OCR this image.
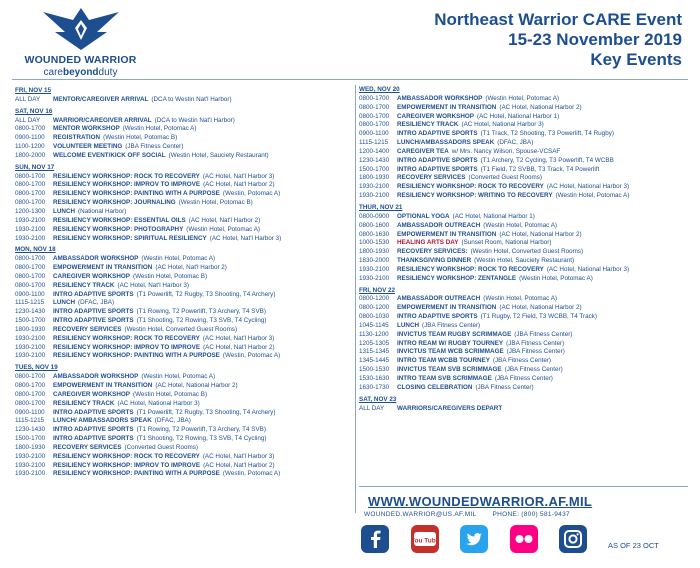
WOUNDED WARRIOR
carebeyondduty
Northeast Warrior CARE Event
15-23 November 2019
Key Events
FRI, NOV 15
ALL DAY	MENTOR/CAREGIVER ARRIVAL (DCA to Westin Nat'l Harbor)
SAT, NOV 16
ALL DAY	WARRIOR/CAREGIVER ARRIVAL (DCA to Westin Nat'l Harbor)
0800-1700	MENTOR WORKSHOP (Westin Hotel, Potomac A)
0900-1100	REGISTRATION (Westin Hotel, Potomac B)
1100-1200	VOLUNTEER MEETING (JBA Fitness Center)
1800-2000	WELCOME EVENT/KICK OFF SOCIAL (Westin Hotel, Sauciety Restaurant)
SUN, NOV 17
0800-1700	RESILIENCY WORKSHOP: ROCK TO RECOVERY (AC Hotel, Nat'l Harbor 3)
0800-1700	RESILIENCY WORKSHOP: IMPROV TO IMPROVE (AC Hotel, Nat'l Harbor 2)
0800-1700	RESILIENCY WORKSHOP: PAINTING WITH A PURPOSE (Westin, Potomac A)
0800-1700	RESILIENCY WORKSHOP: JOURNALING (Westin Hotel, Potomac B)
1200-1300	LUNCH (National Harbor)
1930-2100	RESILIENCY WORKSHOP: ESSENTIAL OILS (AC Hotel, Nat'l Harbor 2)
1930-2100	RESILIENCY WORKSHOP: PHOTOGRAPHY (Westin Hotel, Potomac A)
1930-2100	RESILIENCY WORKSHOP: SPIRITUAL RESILIENCY (AC Hotel, Nat'l Harbor 3)
MON, NOV 18
0800-1700	AMBASSADOR WORKSHOP (Westin Hotel, Potomac A)
0800-1700	EMPOWERMENT IN TRANSITION (AC Hotel, Nat'l Harbor 2)
0800-1700	CAREGIVER WORKSHOP (Westin Hotel, Potomac B)
0800-1700	RESILIENCY TRACK (AC Hotel, Nat'l Harbor 3)
0900-1100	INTRO ADAPTIVE SPORTS (T1 Powerlift, T2 Rugby, T3 Shooting, T4 Archery)
1115-1215	LUNCH (DFAC, JBA)
1230-1430	INTRO ADAPTIVE SPORTS (T1 Rowing, T2 Powerlift, T3 Archery, T4 SVB)
1500-1700	INTRO ADAPTIVE SPORTS (T1 Shooting, T2 Rowing, T3 SVB, T4 Cycling)
1800-1930	RECOVERY SERVICES (Westin Hotel, Converted Guest Rooms)
1930-2100	RESILIENCY WORKSHOP: ROCK TO RECOVERY (AC Hotel, Nat'l Harbor 3)
1930-2100	RESILIENCY WORKSHOP: IMPROV TO IMPROVE (AC Hotel, Nat'l Harbor 2)
1930-2100	RESILIENCY WORKSHOP: PAINTING WITH A PURPOSE (Westin, Potomac A)
TUES, NOV 19
0800-1700	AMBASSADOR WORKSHOP (Westin Hotel, Potomac A)
0800-1700	EMPOWERMENT IN TRANSITION (AC Hotel, National Harbor 2)
0800-1700	CAREGIVER WORKSHOP (Westin Hotel, Potomac B)
0800-1700	RESILIENCY TRACK (AC Hotel, National Harbor 3)
0900-1100	INTRO ADAPTIVE SPORTS (T1 Powerlift, T2 Rugby, T3 Shooting, T4 Archery)
1115-1215	LUNCH/ AMBASSADORS SPEAK (DFAC, JBA)
1230-1430	INTRO ADAPTIVE SPORTS (T1 Rowing, T2 Powerlift, T3 Archery, T4 SVB)
1500-1700	INTRO ADAPTIVE SPORTS (T1 Shooting, T2 Rowing, T3 SVB, T4 Cycling)
1800-1930	RECOVERY SERVICES (Converted Guest Rooms)
1930-2100	RESILIENCY WORKSHOP: ROCK TO RECOVERY (AC Hotel, Nat'l Harbor 3)
1930-2100	RESILIENCY WORKSHOP: IMPROV TO IMPROVE (AC Hotel, Nat'l Harbor 2)
1930-2100	RESILIENCY WORKSHOP: PAINTING WITH A PURPOSE (Westin, Potomac A)
WED, NOV 20
0800-1700	AMBASSADOR WORKSHOP (Westin Hotel, Potomac A)
0800-1700	EMPOWERMENT IN TRANSITION (AC Hotel, National Harbor 2)
0800-1700	CAREGIVER WORKSHOP (AC Hotel, National Harbor 1)
0800-1700	RESILIENCY TRACK (AC Hotel, National Harbor 3)
0900-1100	INTRO ADAPTIVE SPORTS (T1 Track, T2 Shooting, T3 Powerlift, T4 Rugby)
1115-1215	LUNCH/AMBASSADORS SPEAK (DFAC, JBA)
1200-1400	CAREGIVER TEA w/ Mrs. Nancy Wilson, Spouse-VCSAF
1230-1430	INTRO ADAPTIVE SPORTS (T1 Archery, T2 Cycling, T3 Powerlift, T4 WCBB
1500-1700	INTRO ADAPTIVE SPORTS (T1 Field, T2 SVBB, T3 Track, T4 Powerlift
1800-1930	RECOVERY SERVICES (Converted Guest Rooms)
1930-2100	RESILIENCY WORKSHOP: ROCK TO RECOVERY (AC Hotel, National Harbor 3)
1930-2100	RESILIENCY WORKSHOP: WRITING TO RECOVERY (Westin Hotel, Potomac A)
THUR, NOV 21
0800-0900	OPTIONAL YOGA (AC Hotel, National Harbor 1)
0800-1600	AMBASSADOR OUTREACH (Westin Hotel, Potomac A)
0800-1630	EMPOWERMENT IN TRANSITION (AC Hotel, National Harbor 2)
1000-1530	HEALING ARTS DAY (Sunset Room, National Harbor)
1800-1930	RECOVERY SERVICES: (Westin Hotel, Converted Guest Rooms)
1830-2000	THANKSGIVING DINNER (Westin Hotel, Sauciety Restaurant)
1930-2100	RESILIENCY WORKSHOP: ROCK TO RECOVERY (AC Hotel, National Harbor 3)
1930-2100	RESILIENCY WORKSHOP: ZENTANGLE (Westin Hotel, Potomac A)
FRI, NOV 22
0800-1200	AMBASSADOR OUTREACH (Westin Hotel, Potomac A)
0800-1200	EMPOWERMENT IN TRANSITION (AC Hotel, National Harbor 2)
0800-1030	INTRO ADAPTIVE SPORTS (T1 Rugby, T2 Field, T3 WCBB, T4 Track)
1045-1145	LUNCH (JBA Fitness Center)
1130-1200	INVICTUS TEAM RUGBY SCRIMMAGE (JBA Fitness Center)
1205-1305	INTRO REAM W/ RUGBY TOURNEY (JBA Fitness Center)
1315-1345	INVICTUS TEAM WCB SCRIMMAGE (JBA Fitness Center)
1345-1445	INTRO TEAM WCBB TOURNEY (JBA Fitness Center)
1500-1530	INVICTUS TEAM SVB SCRIMMAGE (JBA Fitness Center)
1530-1630	INTRO TEAM SVB SCRIMMAGE (JBA Fitness Center)
1630-1730	CLOSING CELEBRATION (JBA Fitness Center)
SAT, NOV 23
ALL DAY	WARRIORS/CAREGIVERS DEPART
WWW.WOUNDEDWARRIOR.AF.MIL
WOUNDED.WARRIOR@US.AF.MIL PHONE: (800) 581-9437
You Tube	AS OF 23 OCT
